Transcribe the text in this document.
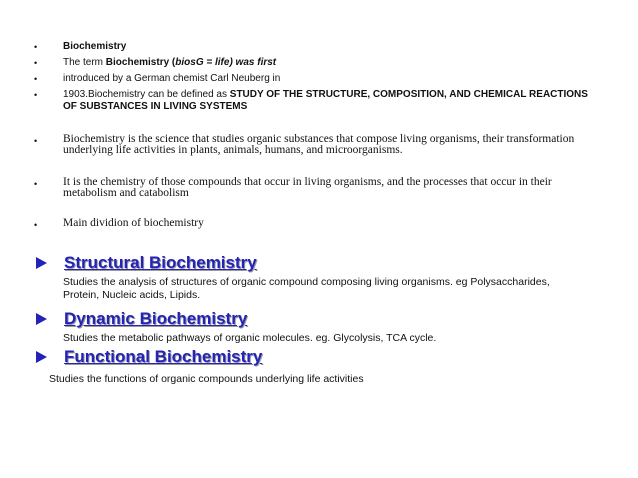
•	Biochemistry
•	The term Biochemistry (biosG = life) was first
•	introduced by a German chemist Carl Neuberg in
•	1903.Biochemistry can be defined as STUDY OF THE STRUCTURE, COMPOSITION, AND CHEMICAL REACTIONS OF SUBSTANCES IN LIVING SYSTEMS
• Biochemistry is the science that studies organic substances that compose living organisms, their transformation underlying life activities in plants, animals, humans, and microorganisms.
• It is the chemistry of those compounds that occur in living organisms, and the processes that occur in their metabolism and catabolism
• Main dividion of biochemistry
Structural Biochemistry
Studies the analysis of structures of organic compound composing living organisms. eg Polysaccharides, Protein, Nucleic acids, Lipids.
Dynamic Biochemistry
Studies the metabolic pathways of organic molecules. eg. Glycolysis, TCA cycle.
Functional Biochemistry
Studies the functions of organic compounds underlying life activities
